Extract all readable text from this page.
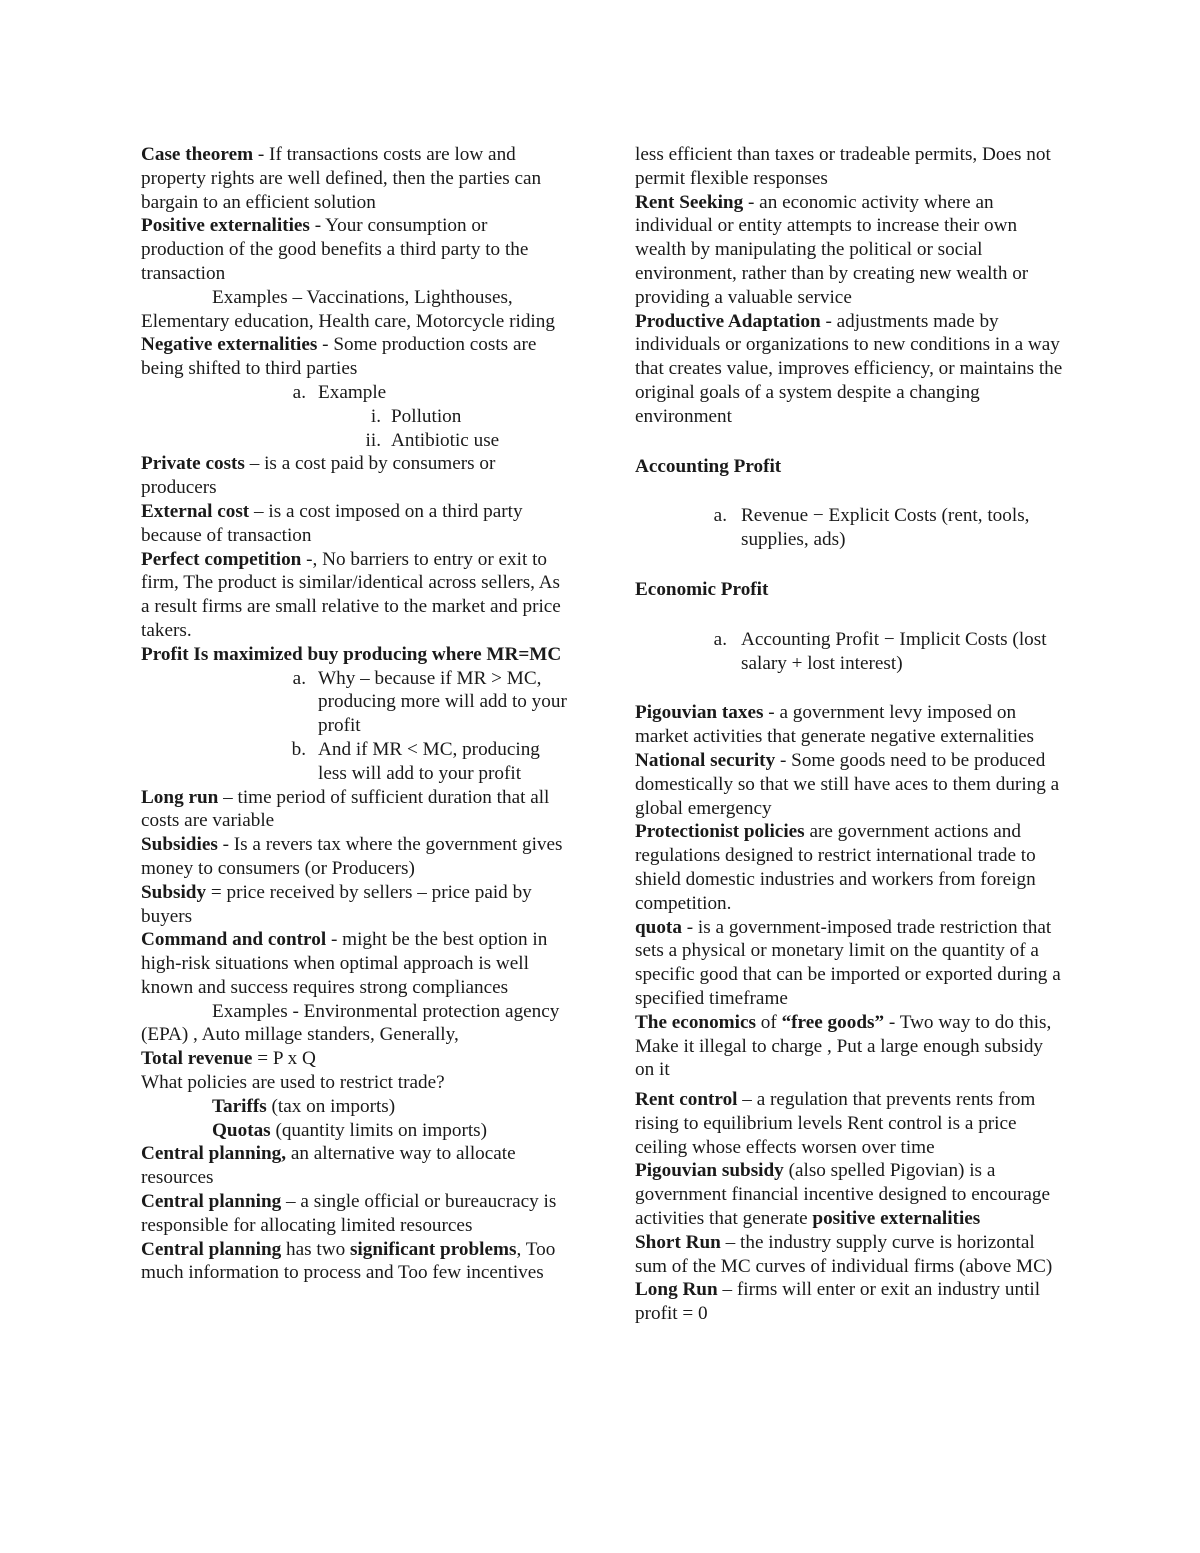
Case theorem - If transactions costs are low and property rights are well defined, then the parties can bargain to an efficient solution

Positive externalities - Your consumption or production of the good benefits a third party to the transaction

Examples – Vaccinations, Lighthouses, Elementary education, Health care, Motorcycle riding

Negative externalities - Some production costs are being shifted to third parties

a. Example
i. Pollution
ii. Antibiotic use

Private costs – is a cost paid by consumers or producers

External cost – is a cost imposed on a third party because of transaction

Perfect competition -, No barriers to entry or exit to firm, The product is similar/identical across sellers, As a result firms are small relative to the market and price takers.

Profit Is maximized buy producing where MR=MC

a. Why – because if MR > MC, producing more will add to your profit
b. And if MR < MC, producing less will add to your profit

Long run – time period of sufficient duration that all costs are variable

Subsidies - Is a revers tax where the government gives money to consumers (or Producers)

Subsidy = price received by sellers – price paid by buyers

Command and control - might be the best option in high-risk situations when optimal approach is well known and success requires strong compliances

Examples - Environmental protection agency (EPA) , Auto millage standers, Generally,

Total revenue = P x Q

What policies are used to restrict trade?

Tariffs (tax on imports)

Quotas (quantity limits on imports)

Central planning, an alternative way to allocate resources

Central planning – a single official or bureaucracy is responsible for allocating limited resources

Central planning has two significant problems, Too much information to process and Too few incentives

less efficient than taxes or tradeable permits, Does not permit flexible responses

Rent Seeking - an economic activity where an individual or entity attempts to increase their own wealth by manipulating the political or social environment, rather than by creating new wealth or providing a valuable service

Productive Adaptation - adjustments made by individuals or organizations to new conditions in a way that creates value, improves efficiency, or maintains the original goals of a system despite a changing environment

Accounting Profit

a. Revenue − Explicit Costs (rent, tools, supplies, ads)

Economic Profit

a. Accounting Profit − Implicit Costs (lost salary + lost interest)

Pigouvian taxes - a government levy imposed on market activities that generate negative externalities

National security - Some goods need to be produced domestically so that we still have aces to them during a global emergency

Protectionist policies are government actions and regulations designed to restrict international trade to shield domestic industries and workers from foreign competition.

quota - is a government-imposed trade restriction that sets a physical or monetary limit on the quantity of a specific good that can be imported or exported during a specified timeframe

The economics of “free goods” - Two way to do this, Make it illegal to charge , Put a large enough subsidy on it

Rent control – a regulation that prevents rents from rising to equilibrium levels Rent control is a price ceiling whose effects worsen over time

Pigouvian subsidy (also spelled Pigovian) is a government financial incentive designed to encourage activities that generate positive externalities

Short Run – the industry supply curve is horizontal sum of the MC curves of individual firms (above MC)

Long Run – firms will enter or exit an industry until profit = 0
